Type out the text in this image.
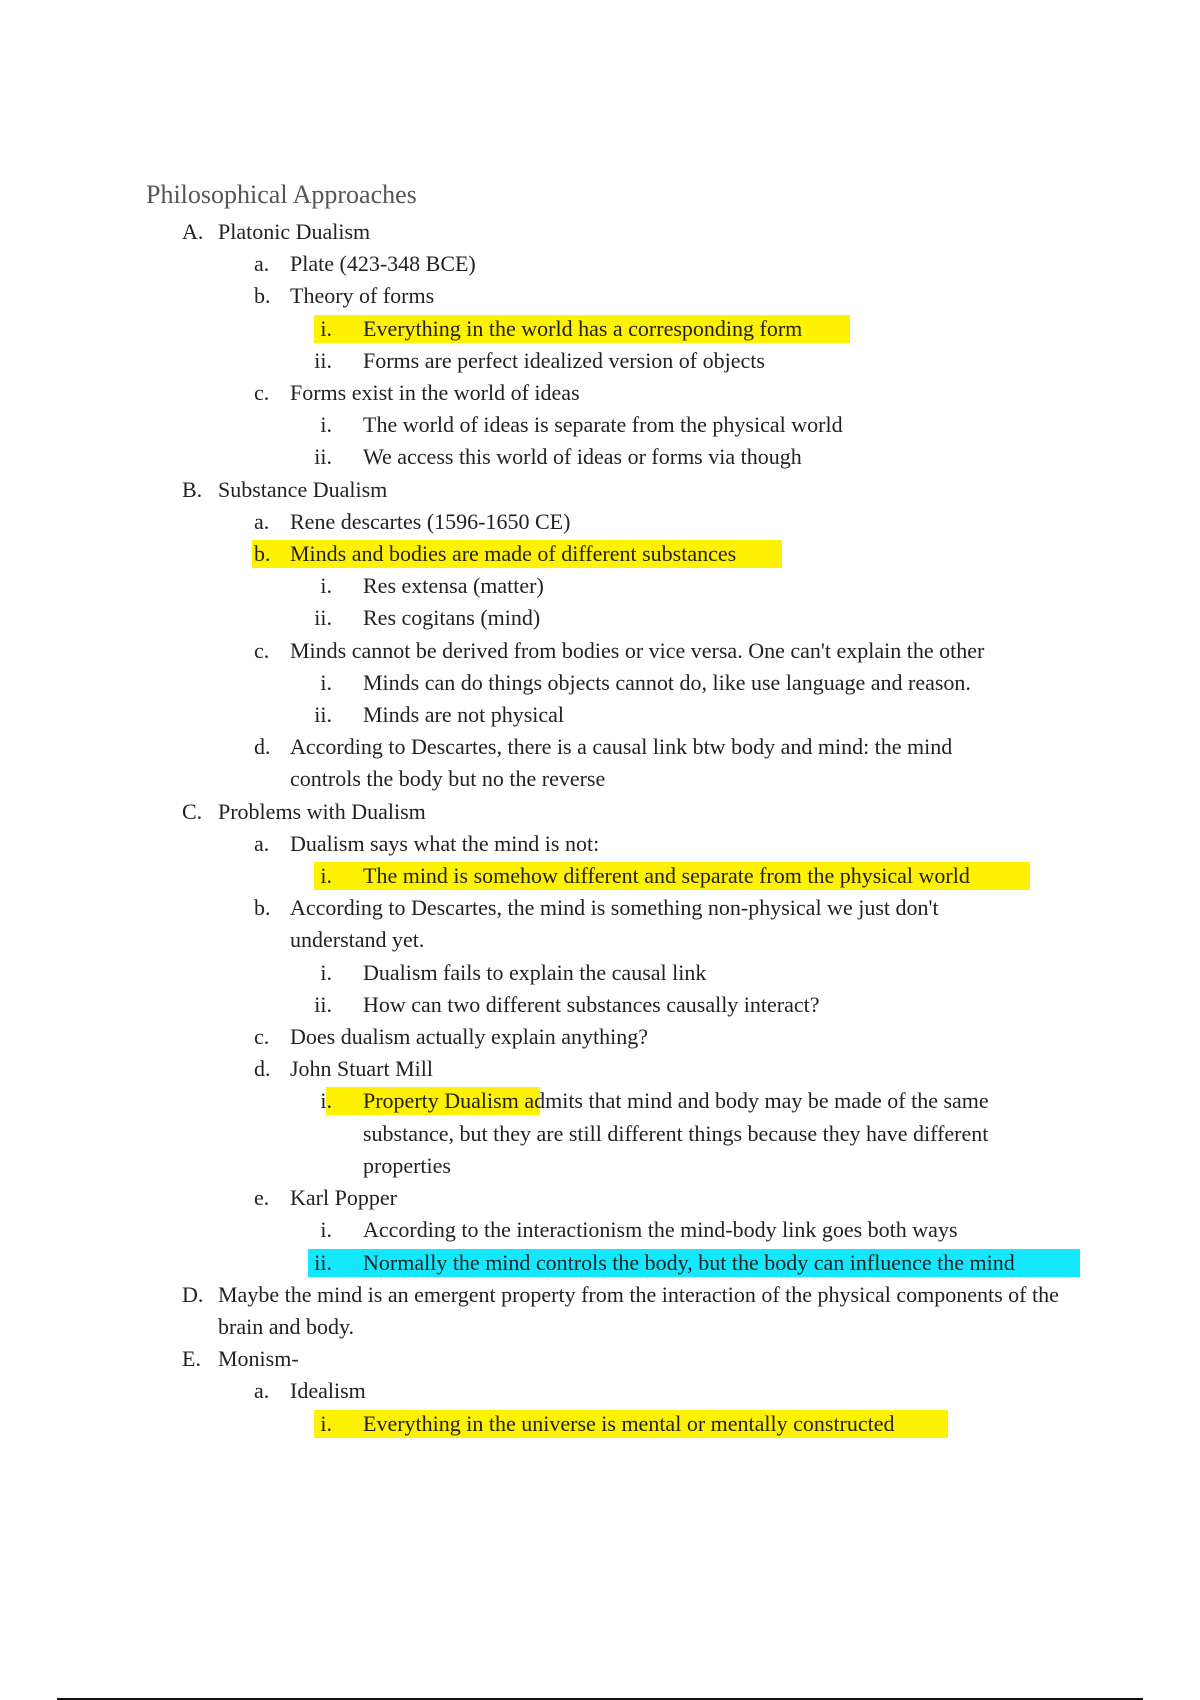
Philosophical Approaches
A. Platonic Dualism
a. Plate (423-348 BCE)
b. Theory of forms
i. Everything in the world has a corresponding form
ii. Forms are perfect idealized version of objects
c. Forms exist in the world of ideas
i. The world of ideas is separate from the physical world
ii. We access this world of ideas or forms via though
B. Substance Dualism
a. Rene descartes (1596-1650 CE)
b. Minds and bodies are made of different substances
i. Res extensa (matter)
ii. Res cogitans (mind)
c. Minds cannot be derived from bodies or vice versa. One can't explain the other
i. Minds can do things objects cannot do, like use language and reason.
ii. Minds are not physical
d. According to Descartes, there is a causal link btw body and mind: the mind controls the body but no the reverse
C. Problems with Dualism
a. Dualism says what the mind is not:
i. The mind is somehow different and separate from the physical world
b. According to Descartes, the mind is something non-physical we just don't understand yet.
i. Dualism fails to explain the causal link
ii. How can two different substances causally interact?
c. Does dualism actually explain anything?
d. John Stuart Mill
i. Property Dualism admits that mind and body may be made of the same substance, but they are still different things because they have different properties
e. Karl Popper
i. According to the interactionism the mind-body link goes both ways
ii. Normally the mind controls the body, but the body can influence the mind
D. Maybe the mind is an emergent property from the interaction of the physical components of the brain and body.
E. Monism-
a. Idealism
i. Everything in the universe is mental or mentally constructed
